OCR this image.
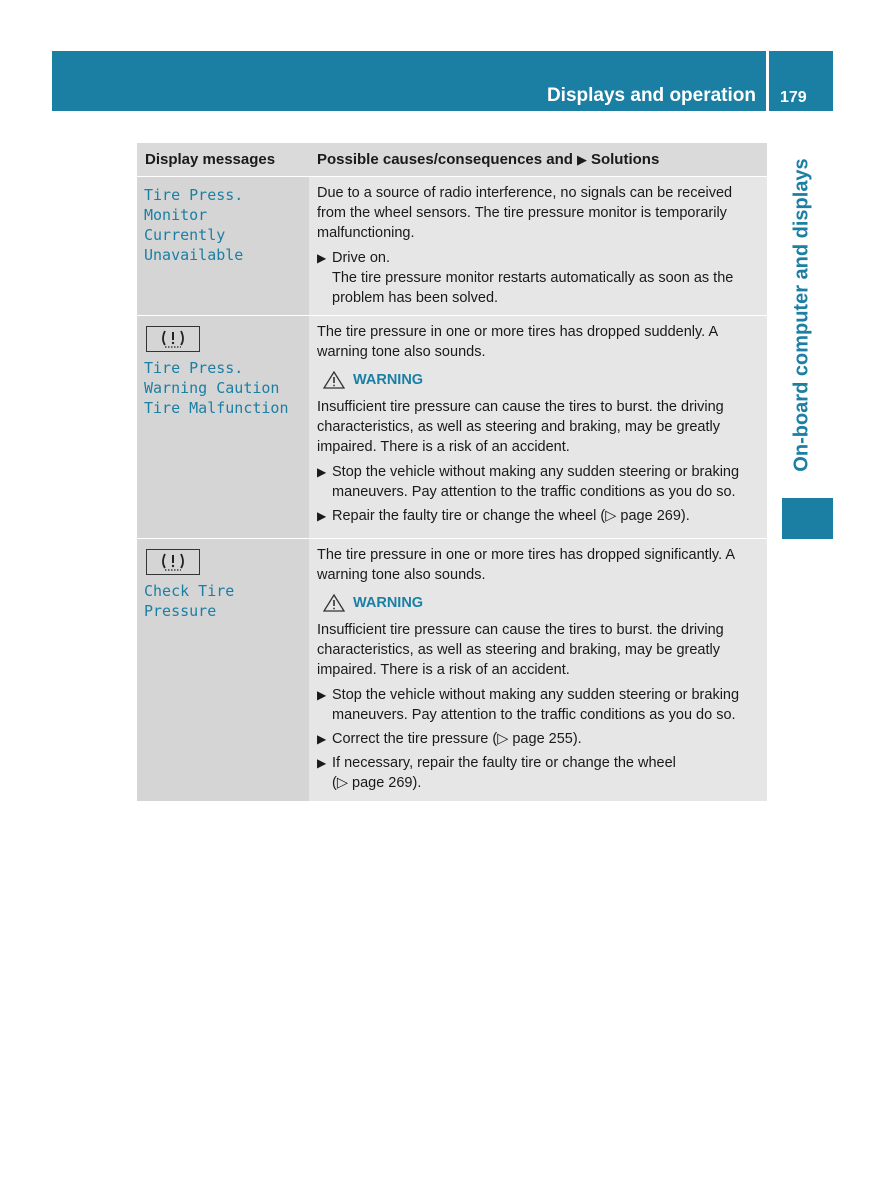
Displays and operation 179
On-board computer and displays
Display messages	Possible causes/consequences and ▶ Solutions
Tire Press. Monitor
Currently
Unavailable

Due to a source of radio interference, no signals can be received from the wheel sensors. The tire pressure monitor is temporarily malfunctioning.

▶ Drive on.
The tire pressure monitor restarts automatically as soon as the problem has been solved.
Tire Press.
Warning Caution
Tire Malfunction

The tire pressure in one or more tires has dropped suddenly. A warning tone also sounds.

WARNING

Insufficient tire pressure can cause the tires to burst. the driving characteristics, as well as steering and braking, may be greatly impaired. There is a risk of an accident.

▶ Stop the vehicle without making any sudden steering or braking maneuvers. Pay attention to the traffic conditions as you do so.
▶ Repair the faulty tire or change the wheel (▷ page 269).
Check Tire Pressure

The tire pressure in one or more tires has dropped significantly. A warning tone also sounds.

WARNING

Insufficient tire pressure can cause the tires to burst. the driving characteristics, as well as steering and braking, may be greatly impaired. There is a risk of an accident.

▶ Stop the vehicle without making any sudden steering or braking maneuvers. Pay attention to the traffic conditions as you do so.
▶ Correct the tire pressure (▷ page 255).
▶ If necessary, repair the faulty tire or change the wheel
(▷ page 269).
